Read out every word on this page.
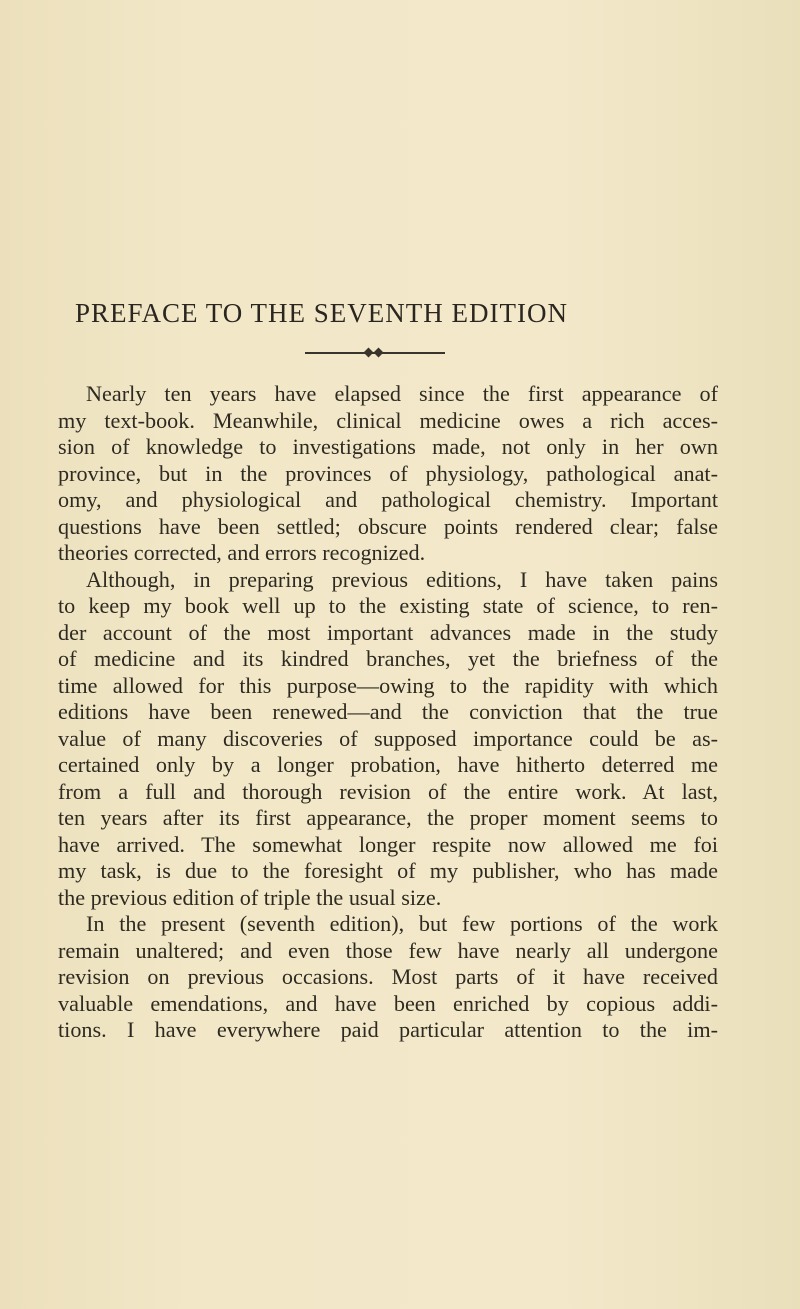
PREFACE TO THE SEVENTH EDITION
Nearly ten years have elapsed since the first appearance of
my text-book. Meanwhile, clinical medicine owes a rich acces-
sion of knowledge to investigations made, not only in her own
province, but in the provinces of physiology, pathological anat-
omy, and physiological and pathological chemistry. Important
questions have been settled; obscure points rendered clear; false
theories corrected, and errors recognized.
Although, in preparing previous editions, I have taken pains
to keep my book well up to the existing state of science, to ren-
der account of the most important advances made in the study
of medicine and its kindred branches, yet the briefness of the
time allowed for this purpose—owing to the rapidity with which
editions have been renewed—and the conviction that the true
value of many discoveries of supposed importance could be as-
certained only by a longer probation, have hitherto deterred me
from a full and thorough revision of the entire work. At last,
ten years after its first appearance, the proper moment seems to
have arrived. The somewhat longer respite now allowed me foi
my task, is due to the foresight of my publisher, who has made
the previous edition of triple the usual size.
In the present (seventh edition), but few portions of the work
remain unaltered; and even those few have nearly all undergone
revision on previous occasions. Most parts of it have received
valuable emendations, and have been enriched by copious addi-
tions. I have everywhere paid particular attention to the im-
